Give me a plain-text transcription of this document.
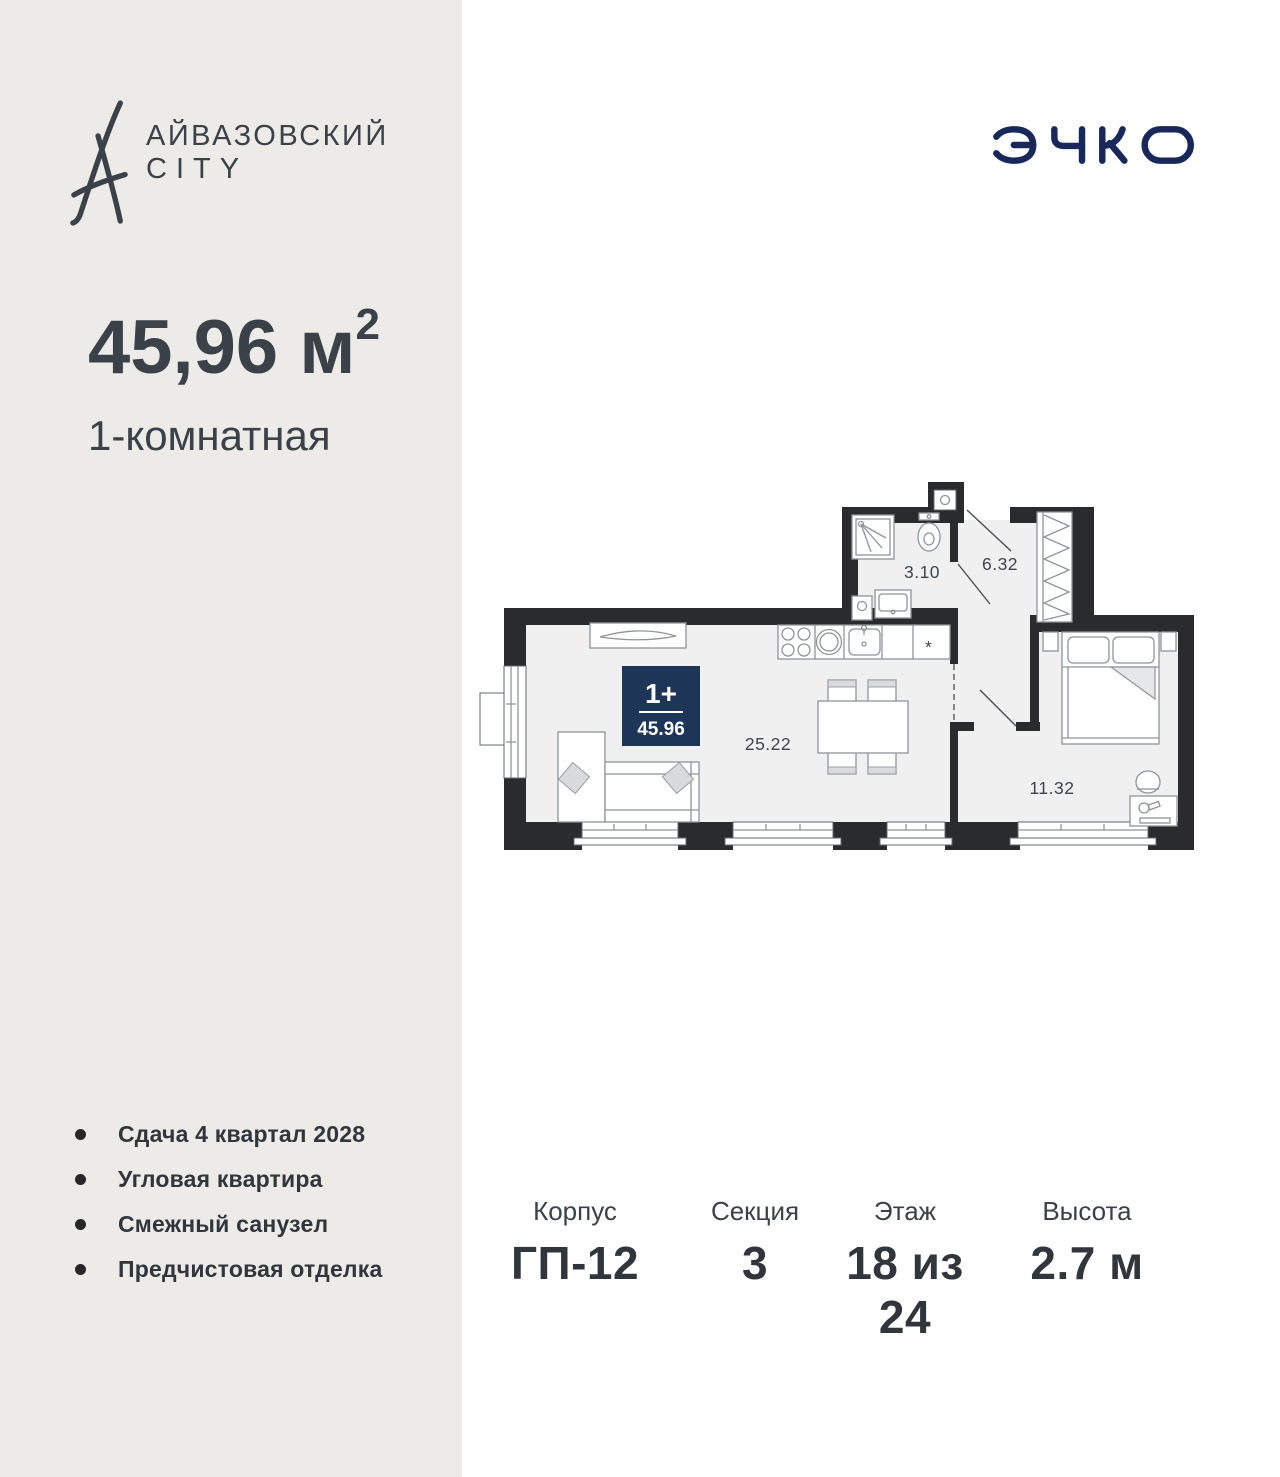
АЙВАЗОВСКИЙ
CITY
45,96 $м^2$
1-комнатная
Сдача 4 квартал 2028
Угловая квартира
Смежный санузел
Предчистовая отделка
*
1+
45.96
3.10 6.32
25.22
11.32
Корпус
ГП-12
Секция
3
Этаж
18 из 24
Высота
2.7 м
